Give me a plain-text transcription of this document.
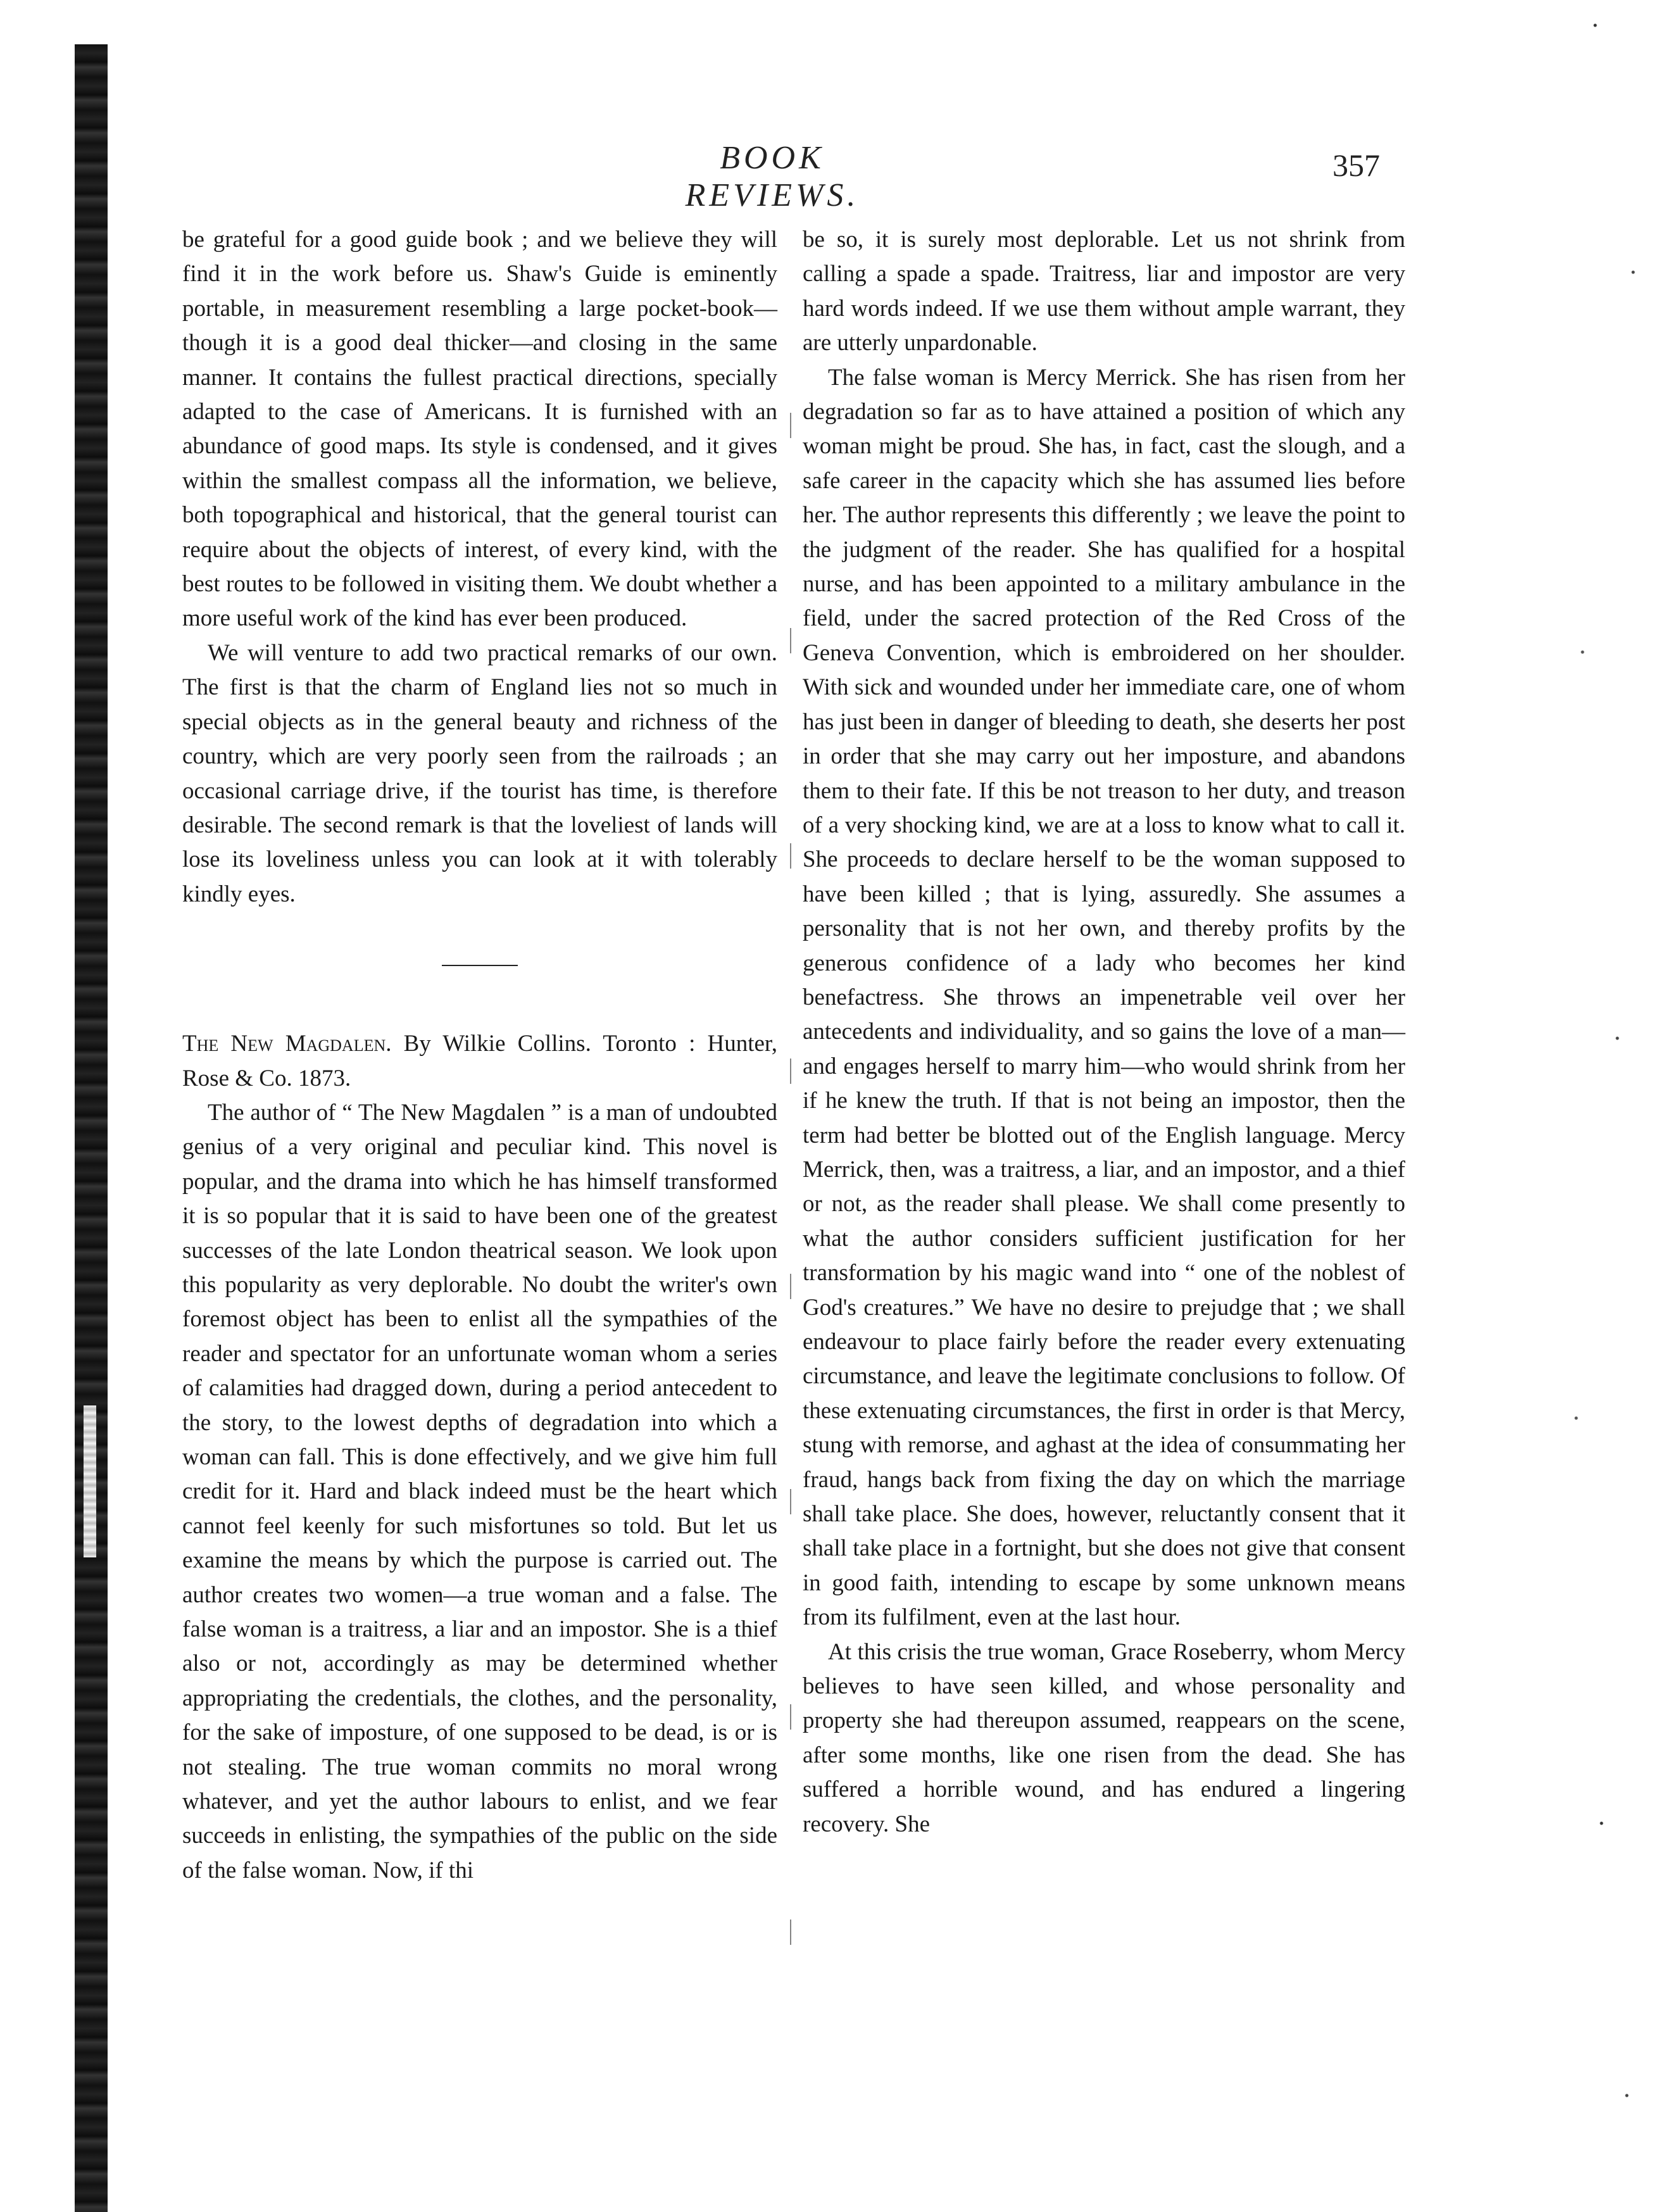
BOOK REVIEWS.
357

be grateful for a good guide book ; and we believe they will find it in the work before us. Shaw's Guide is eminently portable, in measurement resembling a large pocket-book—though it is a good deal thicker—and closing in the same manner. It contains the fullest practical directions, specially adapted to the case of Americans. It is furnished with an abundance of good maps. Its style is condensed, and it gives within the smallest compass all the information, we believe, both topographical and historical, that the general tourist can require about the objects of interest, of every kind, with the best routes to be followed in visiting them. We doubt whether a more useful work of the kind has ever been produced.

We will venture to add two practical remarks of our own. The first is that the charm of England lies not so much in special objects as in the general beauty and richness of the country, which are very poorly seen from the railroads ; an occasional carriage drive, if the tourist has time, is therefore desirable. The second remark is that the loveliest of lands will lose its loveliness unless you can look at it with tolerably kindly eyes.

The New Magdalen. By Wilkie Collins. Toronto : Hunter, Rose & Co. 1873.

The author of “ The New Magdalen ” is a man of undoubted genius of a very original and peculiar kind. This novel is popular, and the drama into which he has himself transformed it is so popular that it is said to have been one of the greatest successes of the late London theatrical season. We look upon this popularity as very deplorable. No doubt the writer's own foremost object has been to enlist all the sympathies of the reader and spectator for an unfortunate woman whom a series of calamities had dragged down, during a period antecedent to the story, to the lowest depths of degradation into which a woman can fall. This is done effectively, and we give him full credit for it. Hard and black indeed must be the heart which cannot feel keenly for such misfortunes so told. But let us examine the means by which the purpose is carried out. The author creates two women—a true woman and a false. The false woman is a traitress, a liar and an impostor. She is a thief also or not, accordingly as may be determined whether appropriating the credentials, the clothes, and the personality, for the sake of imposture, of one supposed to be dead, is or is not stealing. The true woman commits no moral wrong whatever, and yet the author labours to enlist, and we fear succeeds in enlisting, the sympathies of the public on the side of the false woman. Now, if thi

be so, it is surely most deplorable. Let us not shrink from calling a spade a spade. Traitress, liar and impostor are very hard words indeed. If we use them without ample warrant, they are utterly unpardonable.

The false woman is Mercy Merrick. She has risen from her degradation so far as to have attained a position of which any woman might be proud. She has, in fact, cast the slough, and a safe career in the capacity which she has assumed lies before her. The author represents this differently ; we leave the point to the judgment of the reader. She has qualified for a hospital nurse, and has been appointed to a military ambulance in the field, under the sacred protection of the Red Cross of the Geneva Convention, which is embroidered on her shoulder. With sick and wounded under her immediate care, one of whom has just been in danger of bleeding to death, she deserts her post in order that she may carry out her imposture, and abandons them to their fate. If this be not treason to her duty, and treason of a very shocking kind, we are at a loss to know what to call it. She proceeds to declare herself to be the woman supposed to have been killed ; that is lying, assuredly. She assumes a personality that is not her own, and thereby profits by the generous confidence of a lady who becomes her kind benefactress. She throws an impenetrable veil over her antecedents and individuality, and so gains the love of a man—and engages herself to marry him—who would shrink from her if he knew the truth. If that is not being an impostor, then the term had better be blotted out of the English language. Mercy Merrick, then, was a traitress, a liar, and an impostor, and a thief or not, as the reader shall please. We shall come presently to what the author considers sufficient justification for her transformation by his magic wand into “ one of the noblest of God's creatures.” We have no desire to prejudge that ; we shall endeavour to place fairly before the reader every extenuating circumstance, and leave the legitimate conclusions to follow. Of these extenuating circumstances, the first in order is that Mercy, stung with remorse, and aghast at the idea of consummating her fraud, hangs back from fixing the day on which the marriage shall take place. She does, however, reluctantly consent that it shall take place in a fortnight, but she does not give that consent in good faith, intending to escape by some unknown means from its fulfilment, even at the last hour.

At this crisis the true woman, Grace Roseberry, whom Mercy believes to have seen killed, and whose personality and property she had thereupon assumed, reappears on the scene, after some months, like one risen from the dead. She has suffered a horrible wound, and has endured a lingering recovery. She
